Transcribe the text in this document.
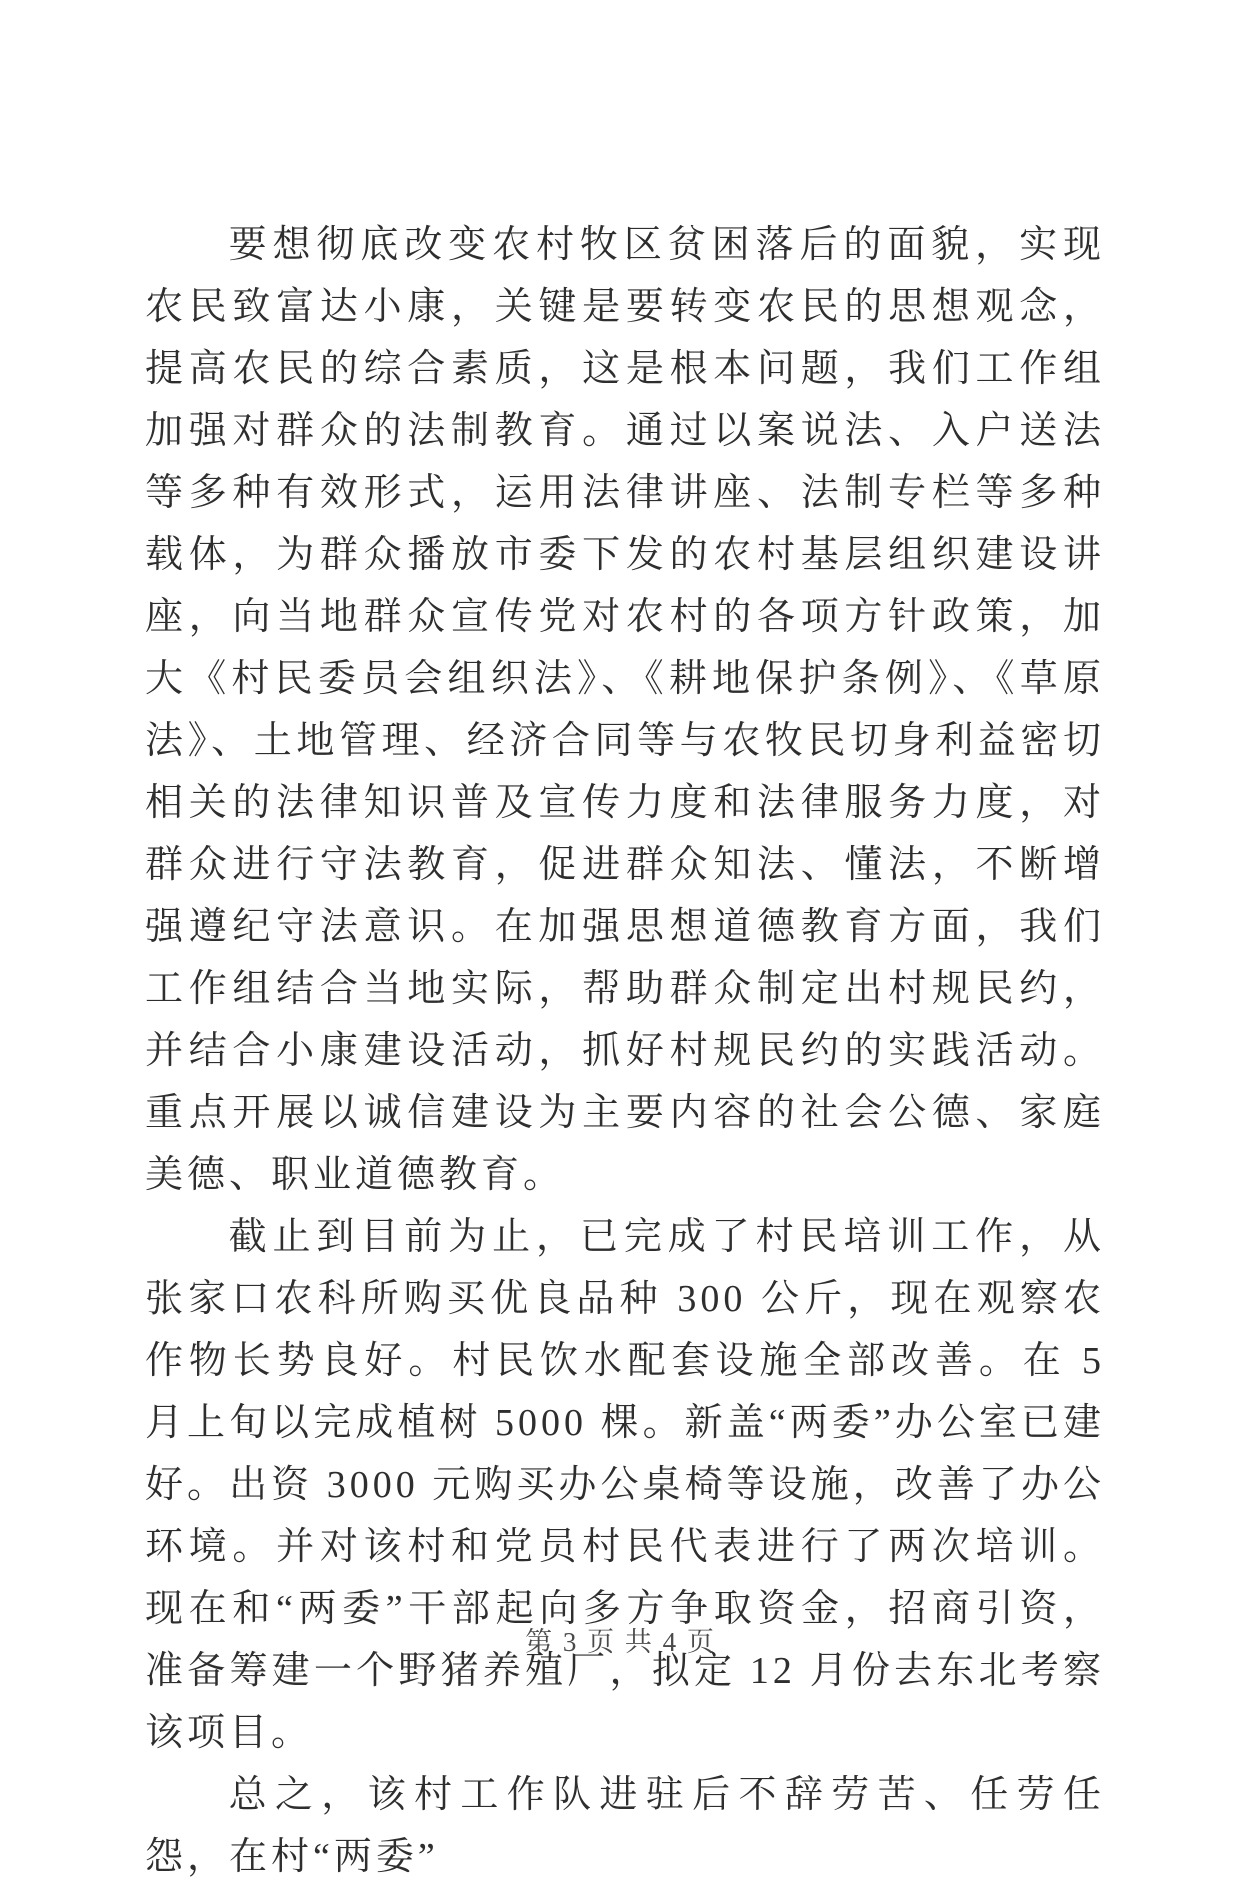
要想彻底改变农村牧区贫困落后的面貌，实现农民致富达小康，关键是要转变农民的思想观念，提高农民的综合素质，这是根本问题，我们工作组加强对群众的法制教育。通过以案说法、入户送法等多种有效形式，运用法律讲座、法制专栏等多种载体，为群众播放市委下发的农村基层组织建设讲座，向当地群众宣传党对农村的各项方针政策，加大《村民委员会组织法》、《耕地保护条例》、《草原法》、土地管理、经济合同等与农牧民切身利益密切相关的法律知识普及宣传力度和法律服务力度，对群众进行守法教育，促进群众知法、懂法，不断增强遵纪守法意识。在加强思想道德教育方面，我们工作组结合当地实际，帮助群众制定出村规民约，并结合小康建设活动，抓好村规民约的实践活动。重点开展以诚信建设为主要内容的社会公德、家庭美德、职业道德教育。

截止到目前为止，已完成了村民培训工作，从张家口农科所购买优良品种 300 公斤，现在观察农作物长势良好。村民饮水配套设施全部改善。在 5 月上旬以完成植树 5000 棵。新盖“两委”办公室已建好。出资 3000 元购买办公桌椅等设施，改善了办公环境。并对该村和党员村民代表进行了两次培训。现在和“两委”干部起向多方争取资金，招商引资，准备筹建一个野猪养殖厂，拟定 12 月份去东北考察该项目。

总之，该村工作队进驻后不辞劳苦、任劳任怨，在村“两委”

第 3 页 共 4 页
